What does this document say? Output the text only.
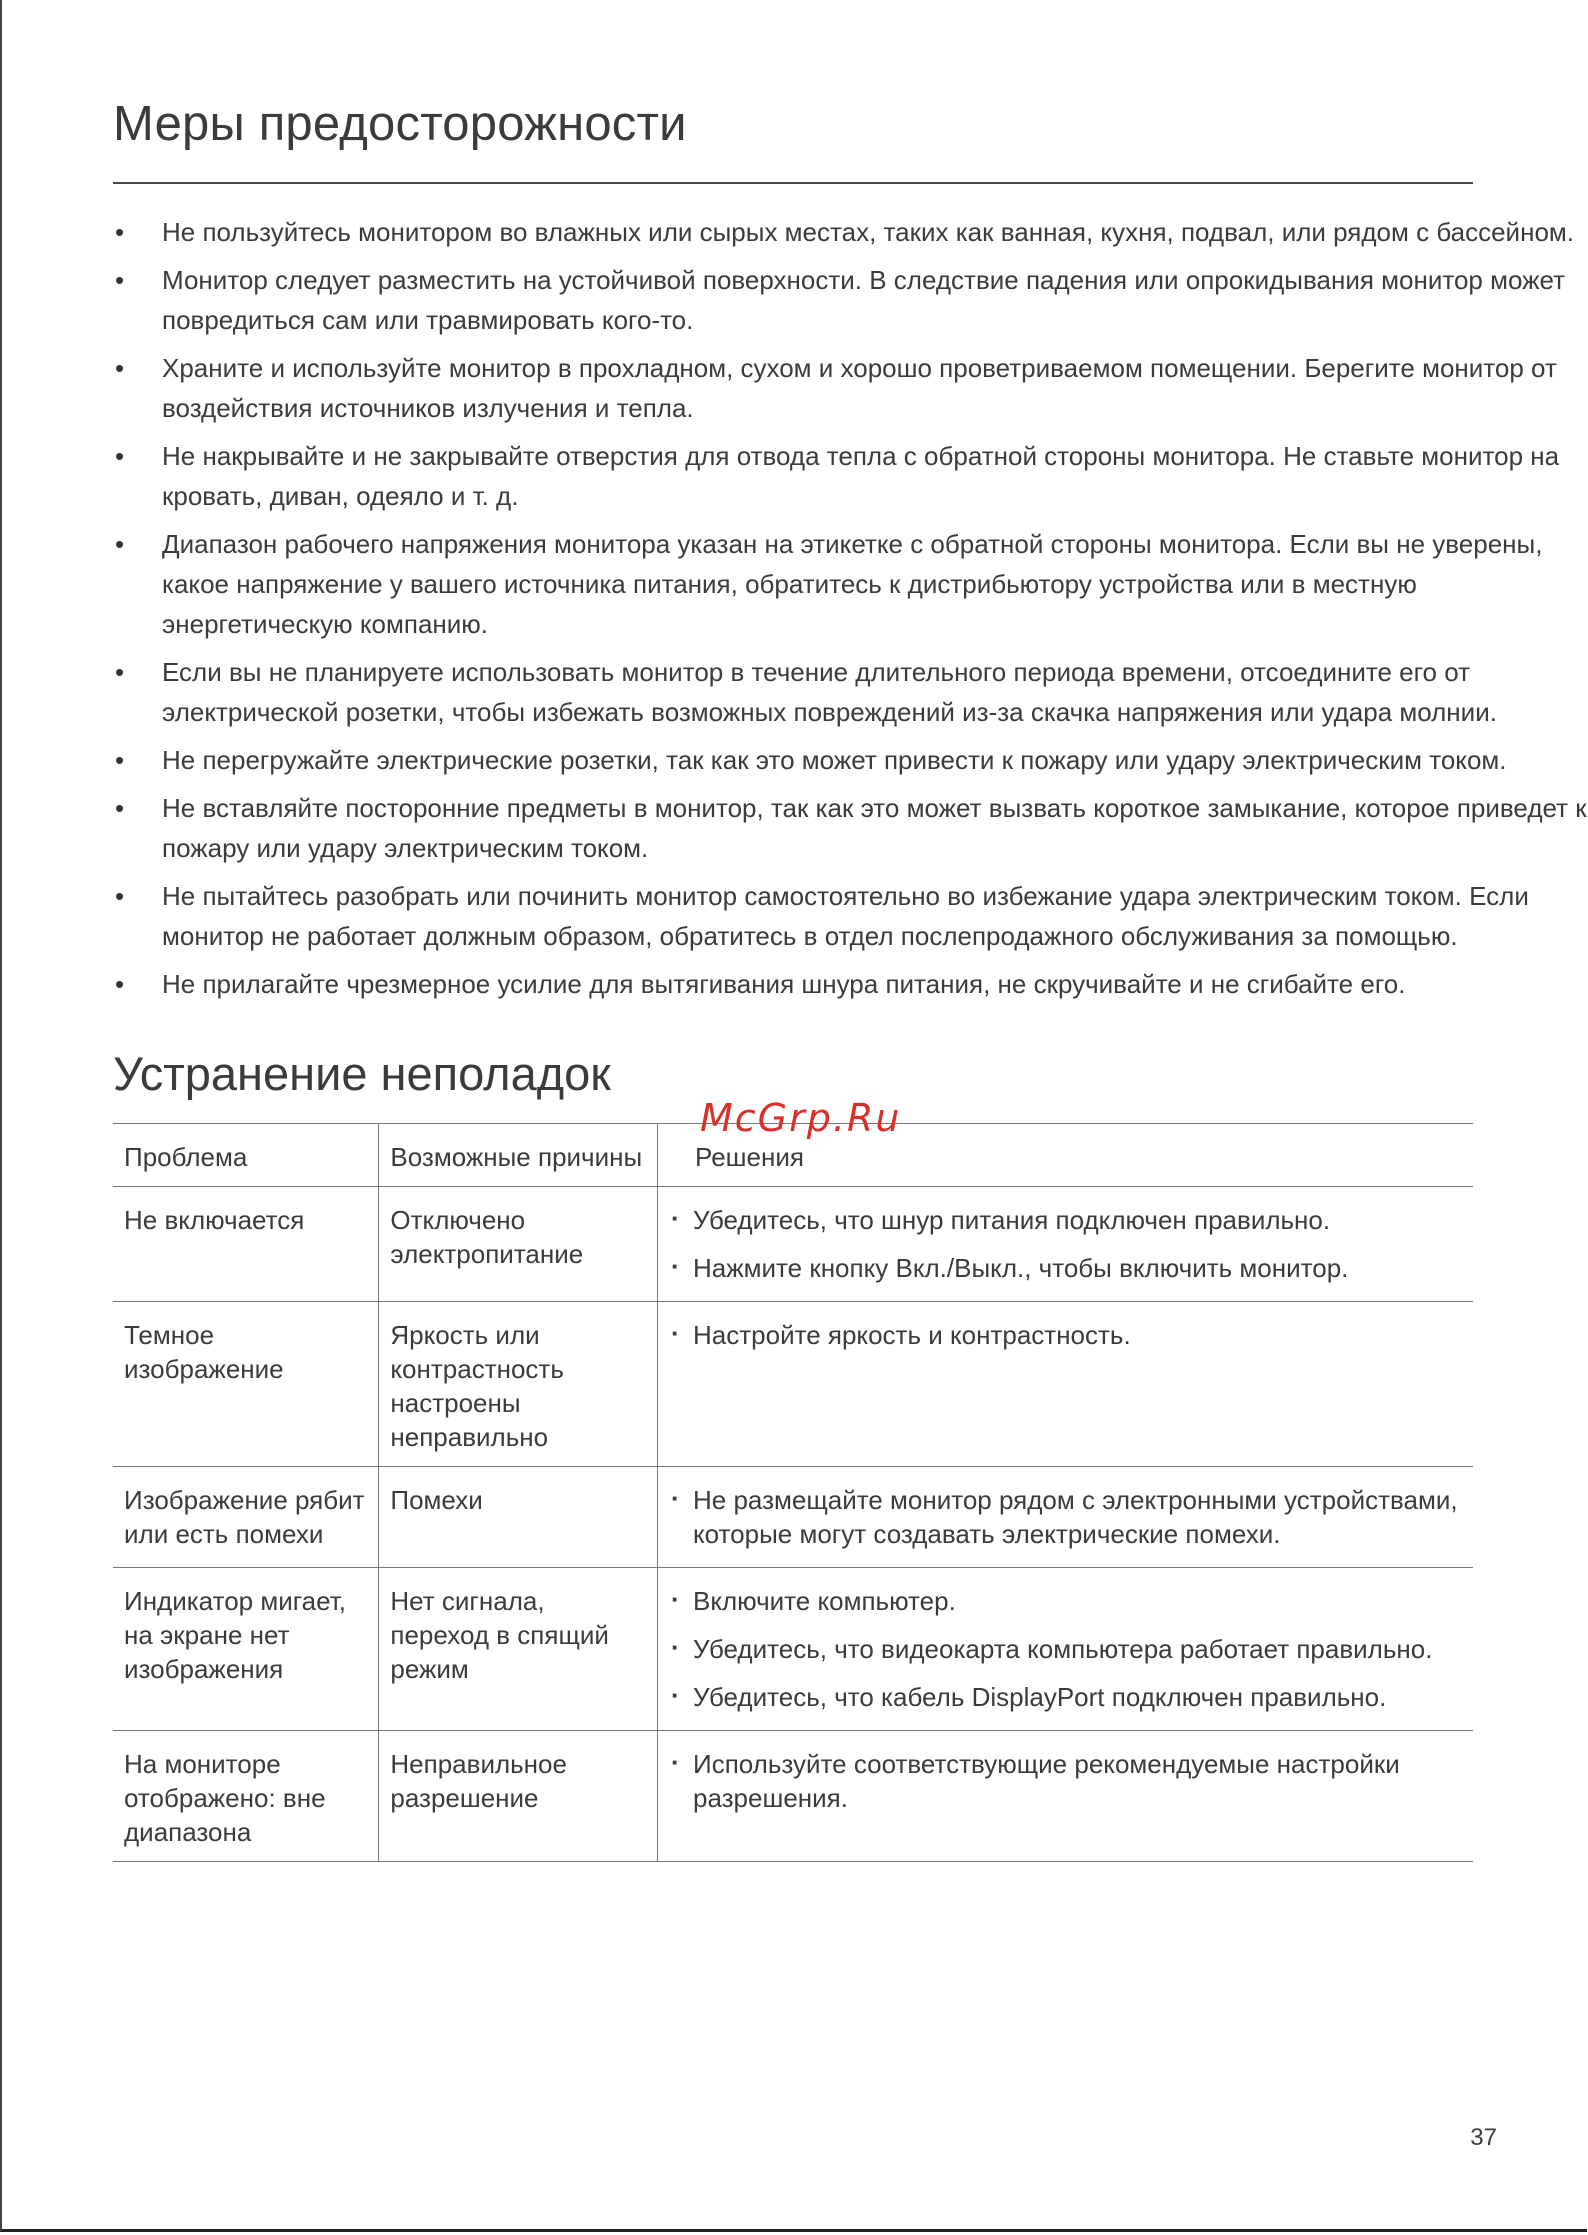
Меры предосторожности
• Не пользуйтесь монитором во влажных или сырых местах, таких как ванная, кухня, подвал, или рядом с бассейном.
• Монитор следует разместить на устойчивой поверхности. В следствие падения или опрокидывания монитор может повредиться сам или травмировать кого-то.
• Храните и используйте монитор в прохладном, сухом и хорошо проветриваемом помещении. Берегите монитор от воздействия источников излучения и тепла.
• Не накрывайте и не закрывайте отверстия для отвода тепла с обратной стороны монитора. Не ставьте монитор на кровать, диван, одеяло и т. д.
• Диапазон рабочего напряжения монитора указан на этикетке с обратной стороны монитора. Если вы не уверены, какое напряжение у вашего источника питания, обратитесь к дистрибьютору устройства или в местную энергетическую компанию.
• Если вы не планируете использовать монитор в течение длительного периода времени, отсоедините его от электрической розетки, чтобы избежать возможных повреждений из-за скачка напряжения или удара молнии.
• Не перегружайте электрические розетки, так как это может привести к пожару или удару электрическим током.
• Не вставляйте посторонние предметы в монитор, так как это может вызвать короткое замыкание, которое приведет к пожару или удару электрическим током.
• Не пытайтесь разобрать или починить монитор самостоятельно во избежание удара электрическим током. Если монитор не работает должным образом, обратитесь в отдел послепродажного обслуживания за помощью.
• Не прилагайте чрезмерное усилие для вытягивания шнура питания, не скручивайте и не сгибайте его.
Устранение неполадок
Проблема	Возможные причины	Решения

Не включается	Отключено электропитание	· Убедитесь, что шнур питания подключен правильно.
· Нажмите кнопку Вкл./Выкл., чтобы включить монитор.

Темное изображение	Яркость или контрастность настроены неправильно	· Настройте яркость и контрастность.

Изображение рябит или есть помехи	Помехи	· Не размещайте монитор рядом с электронными устройствами, которые могут создавать электрические помехи.

Индикатор мигает, на экране нет изображения	Нет сигнала, переход в спящий режим	· Включите компьютер.
· Убедитесь, что видеокарта компьютера работает правильно.
· Убедитесь, что кабель DisplayPort подключен правильно.

На мониторе отображено: вне диапазона	Неправильное разрешение	· Используйте соответствующие рекомендуемые настройки разрешения.
McGrp.Ru
37
